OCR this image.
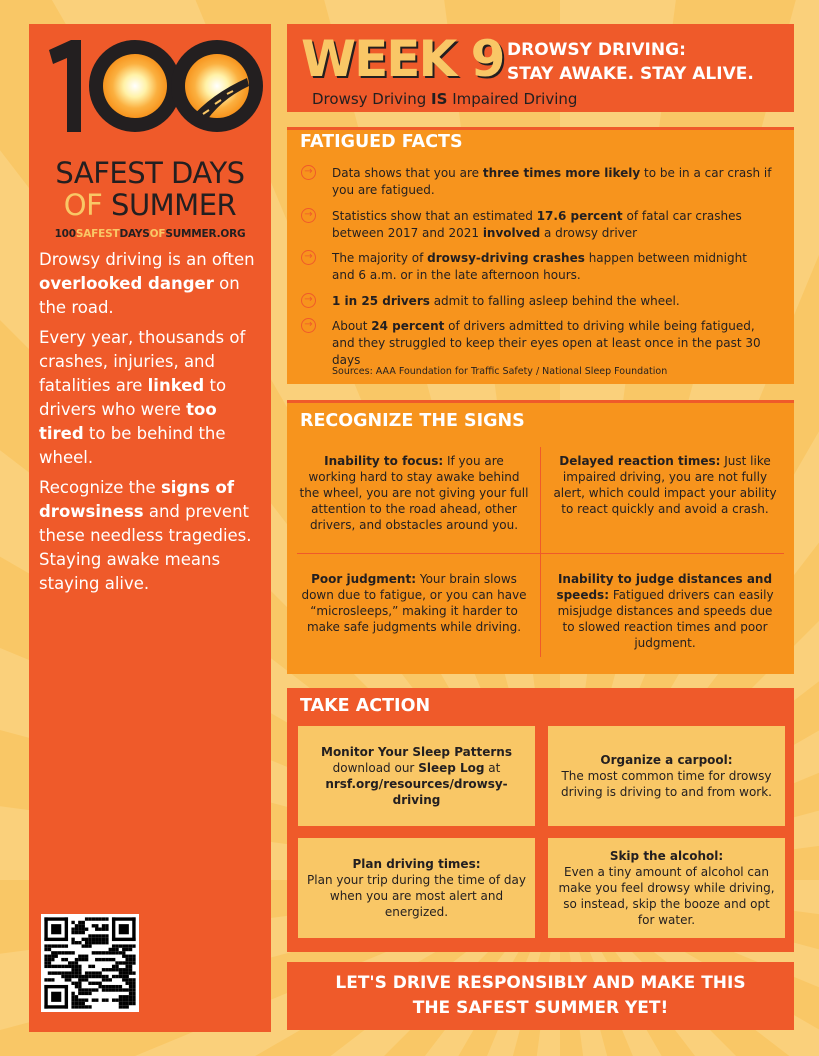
SAFEST DAYS
OF SUMMER
100SAFESTDAYSOFSUMMER.ORG

Drowsy driving is an often overlooked danger on the road.

Every year, thousands of crashes, injuries, and fatalities are linked to drivers who were too tired to be behind the wheel.

Recognize the signs of drowsiness and prevent these needless tragedies. Staying awake means staying alive.

WEEK 9 DROWSY DRIVING:
STAY AWAKE. STAY ALIVE.
Drowsy Driving IS Impaired Driving
FATIGUED FACTS
→ Data shows that you are three times more likely to be in a car crash if you are fatigued.
→ Statistics show that an estimated 17.6 percent of fatal car crashes between 2017 and 2021 involved a drowsy driver
→ The majority of drowsy-driving crashes happen between midnight and 6 a.m. or in the late afternoon hours.
→ 1 in 25 drivers admit to falling asleep behind the wheel.
→ About 24 percent of drivers admitted to driving while being fatigued, and they struggled to keep their eyes open at least once in the past 30 days
Sources: AAA Foundation for Traffic Safety / National Sleep Foundation
RECOGNIZE THE SIGNS
Inability to focus: If you are working hard to stay awake behind the wheel, you are not giving your full attention to the road ahead, other drivers, and obstacles around you.
Delayed reaction times: Just like impaired driving, you are not fully alert, which could impact your ability to react quickly and avoid a crash.
Poor judgment: Your brain slows down due to fatigue, or you can have “microsleeps,” making it harder to make safe judgments while driving.
Inability to judge distances and speeds: Fatigued drivers can easily misjudge distances and speeds due to slowed reaction times and poor judgment.
TAKE ACTION
Monitor Your Sleep Patterns
download our Sleep Log at
nrsf.org/resources/drowsy-driving
Organize a carpool:
The most common time for drowsy driving is driving to and from work.
Plan driving times:
Plan your trip during the time of day when you are most alert and energized.
Skip the alcohol:
Even a tiny amount of alcohol can make you feel drowsy while driving, so instead, skip the booze and opt for water.
LET'S DRIVE RESPONSIBLY AND MAKE THIS
THE SAFEST SUMMER YET!
